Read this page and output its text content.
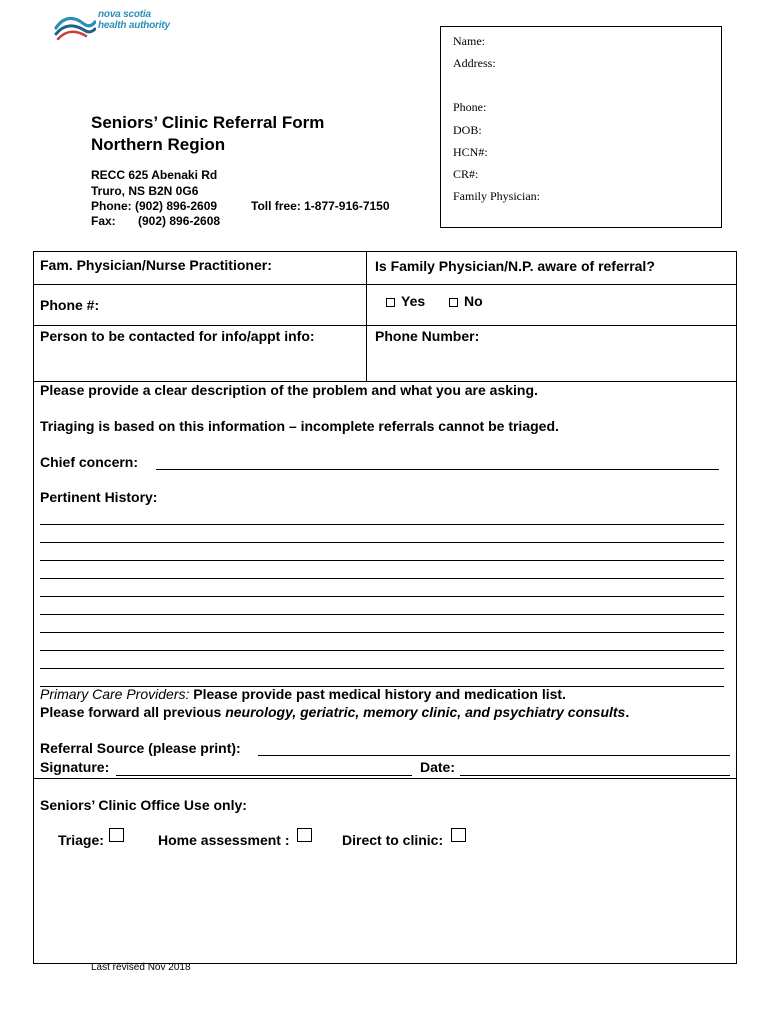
nova scotia
health authority
Name:
Address:
Phone:
DOB:
HCN#:
CR#:
Family Physician:
Seniors’ Clinic Referral Form
Northern Region
RECC 625 Abenaki Rd
Truro, NS B2N 0G6
Phone: (902) 896-2609
Fax: (902) 896-2608
Toll free: 1-877-916-7150
Fam. Physician/Nurse Practitioner:	Is Family Physician/N.P. aware of referral?
Phone #:	Yes	No
Person to be contacted for info/appt info:	Phone Number:
Please provide a clear description of the problem and what you are asking.
Triaging is based on this information – incomplete referrals cannot be triaged.
Chief concern:
Pertinent History:
Primary Care Providers: Please provide past medical history and medication list.
Please forward all previous neurology, geriatric, memory clinic, and psychiatry consults.
Referral Source (please print):
Signature:	Date:
Seniors’ Clinic Office Use only:
Triage:	Home assessment :	Direct to clinic:
Last revised Nov 2018
